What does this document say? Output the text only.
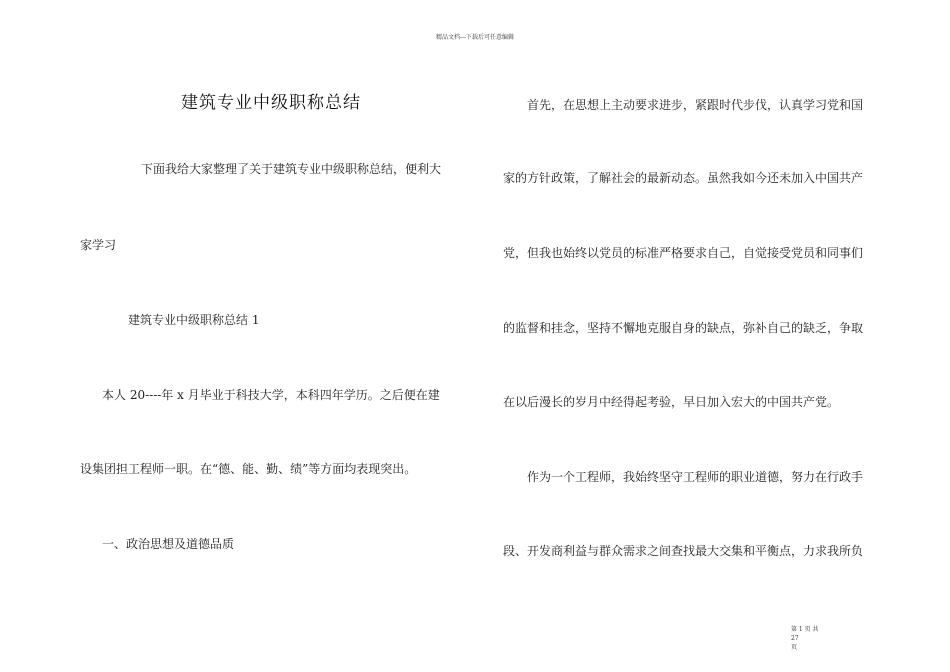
精品文档---下载后可任意编辑
建筑专业中级职称总结
下面我给大家整理了关于建筑专业中级职称总结，便利大
家学习
建筑专业中级职称总结 1
本人 20----年 x 月毕业于科技大学，本科四年学历。之后便在建
设集团担工程师一职。在“德、能、勤、绩”等方面均表现突出。
一、政治思想及道德品质
首先，在思想上主动要求进步，紧跟时代步伐，认真学习党和国
家的方针政策，了解社会的最新动态。虽然我如今还未加入中国共产
党，但我也始终以党员的标准严格要求自己，自觉接受党员和同事们
的监督和挂念，坚持不懈地克服自身的缺点，弥补自己的缺乏，争取
在以后漫长的岁月中经得起考验，早日加入宏大的中国共产党。
作为一个工程师，我始终坚守工程师的职业道德，努力在行政手
段、开发商利益与群众需求之间查找最大交集和平衡点，力求我所负
第 1 页 共 27
页
